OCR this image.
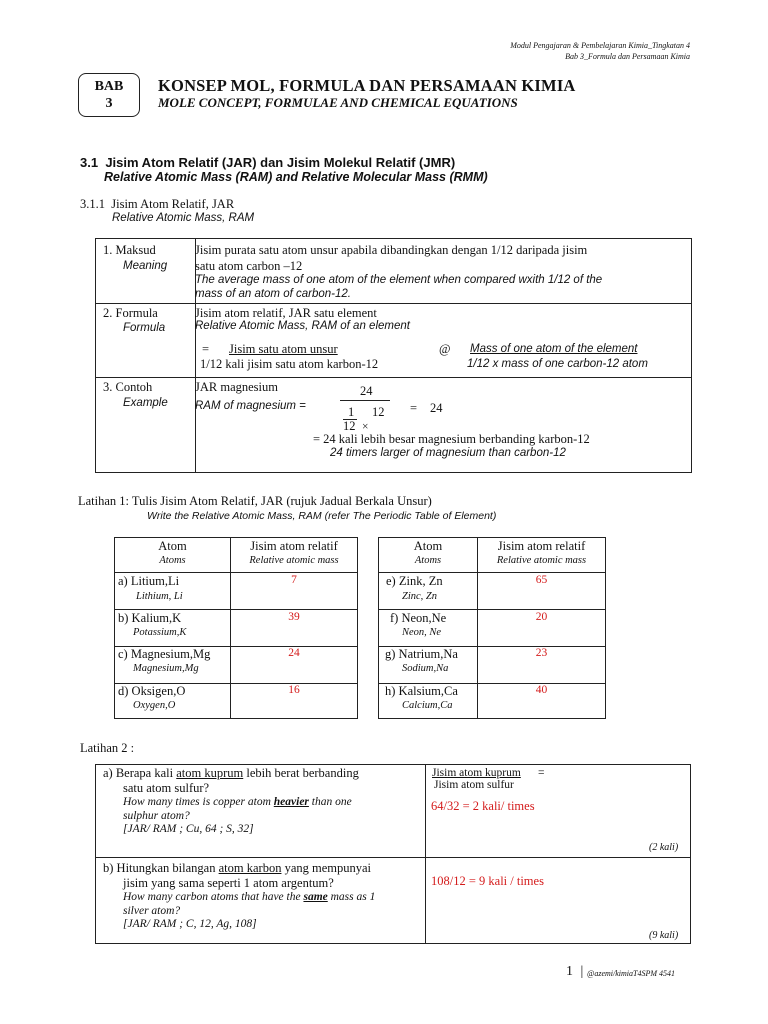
Modul Pengajaran & Pembelajaran Kimia_Tingkatan 4
Bab 3_Formula dan Persamaan Kimia
BAB
3
KONSEP MOL, FORMULA DAN PERSAMAAN KIMIA
MOLE CONCEPT, FORMULAE AND CHEMICAL EQUATIONS
3.1 Jisim Atom Relatif (JAR) dan Jisim Molekul Relatif (JMR)
Relative Atomic Mass (RAM) and Relative Molecular Mass (RMM)
3.1.1 Jisim Atom Relatif, JAR
Relative Atomic Mass, RAM
1. Maksud
Meaning
Jisim purata satu atom unsur apabila dibandingkan dengan 1/12 daripada jisim
satu atom carbon –12
The average mass of one atom of the element when compared wxith 1/12 of the
mass of an atom of carbon-12.
2. Formula
Formula
Jisim atom relatif, JAR satu element
Relative Atomic Mass, RAM of an element
= Jisim satu atom unsur
1/12 kali jisim satu atom karbon-12
@ Mass of one atom of the element
1/12 x mass of one carbon-12 atom
3. Contoh
Example
JAR magnesium
RAM of magnesium =
24
1
12 ×
12 = 24
= 24 kali lebih besar magnesium berbanding karbon-12
24 timers larger of magnesium than carbon-12
Latihan 1: Tulis Jisim Atom Relatif, JAR (rujuk Jadual Berkala Unsur)
Write the Relative Atomic Mass, RAM (refer The Periodic Table of Element)
Atom
Atoms
Jisim atom relatif
Relative atomic mass
a) Litium,Li
Lithium, Li
7
b) Kalium,K
Potassium,K
39
c) Magnesium,Mg
Magnesium,Mg
24
d) Oksigen,O
Oxygen,O
16
Atom
Atoms
Jisim atom relatif
Relative atomic mass
e) Zink, Zn
Zinc, Zn
65
f) Neon,Ne
Neon, Ne
20
g) Natrium,Na
Sodium,Na
23
h) Kalsium,Ca
Calcium,Ca
40
Latihan 2 :
a) Berapa kali atom kuprum lebih berat berbanding
satu atom sulfur?
How many times is copper atom heavier than one
sulphur atom?
[JAR/ RAM ; Cu, 64 ; S, 32]
Jisim atom kuprum =
Jisim atom sulfur
64/32 = 2 kali/ times
(2 kali)
b) Hitungkan bilangan atom karbon yang mempunyai
jisim yang sama seperti 1 atom argentum?
How many carbon atoms that have the same mass as 1
silver atom?
[JAR/ RAM ; C, 12, Ag, 108]
108/12 = 9 kali / times
(9 kali)
1 | @azemi/kimiaT4SPM 4541
